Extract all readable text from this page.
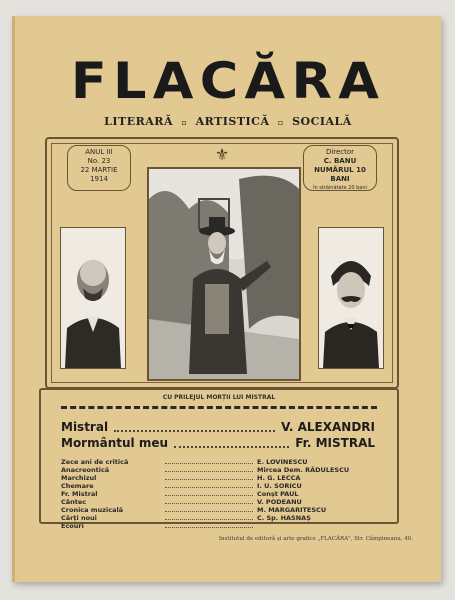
FLACĂRA
LITERARĂ ▫ ARTISTICĂ ▫ SOCIALĂ
ANUL III
No. 23
22 MARTIE
1914
⚜	Director
C. BANU
NUMĂRUL 10 BANI
în străinătate 20 bani
CU PRILEJUL MORȚII LUI MISTRAL
Mistral	V. ALEXANDRI
Mormântul meu	Fr. MISTRAL
Zece ani de critică	E. LOVINESCU
Anacreontică	Mircea Dem. RĂDULESCU
Marchizul	H. G. LECCA
Chemare	I. U. SORICU
Fr. Mistral	Conșt PAUL
Cântec	V. PODEANU
Cronica muzicală	M. MARGARITESCU
Cărți noui	C. Sp. HASNAȘ
Ecouri
Institutul de editură și arte grafice „FLACĂRA", Str. Câmpineanu, 40.
